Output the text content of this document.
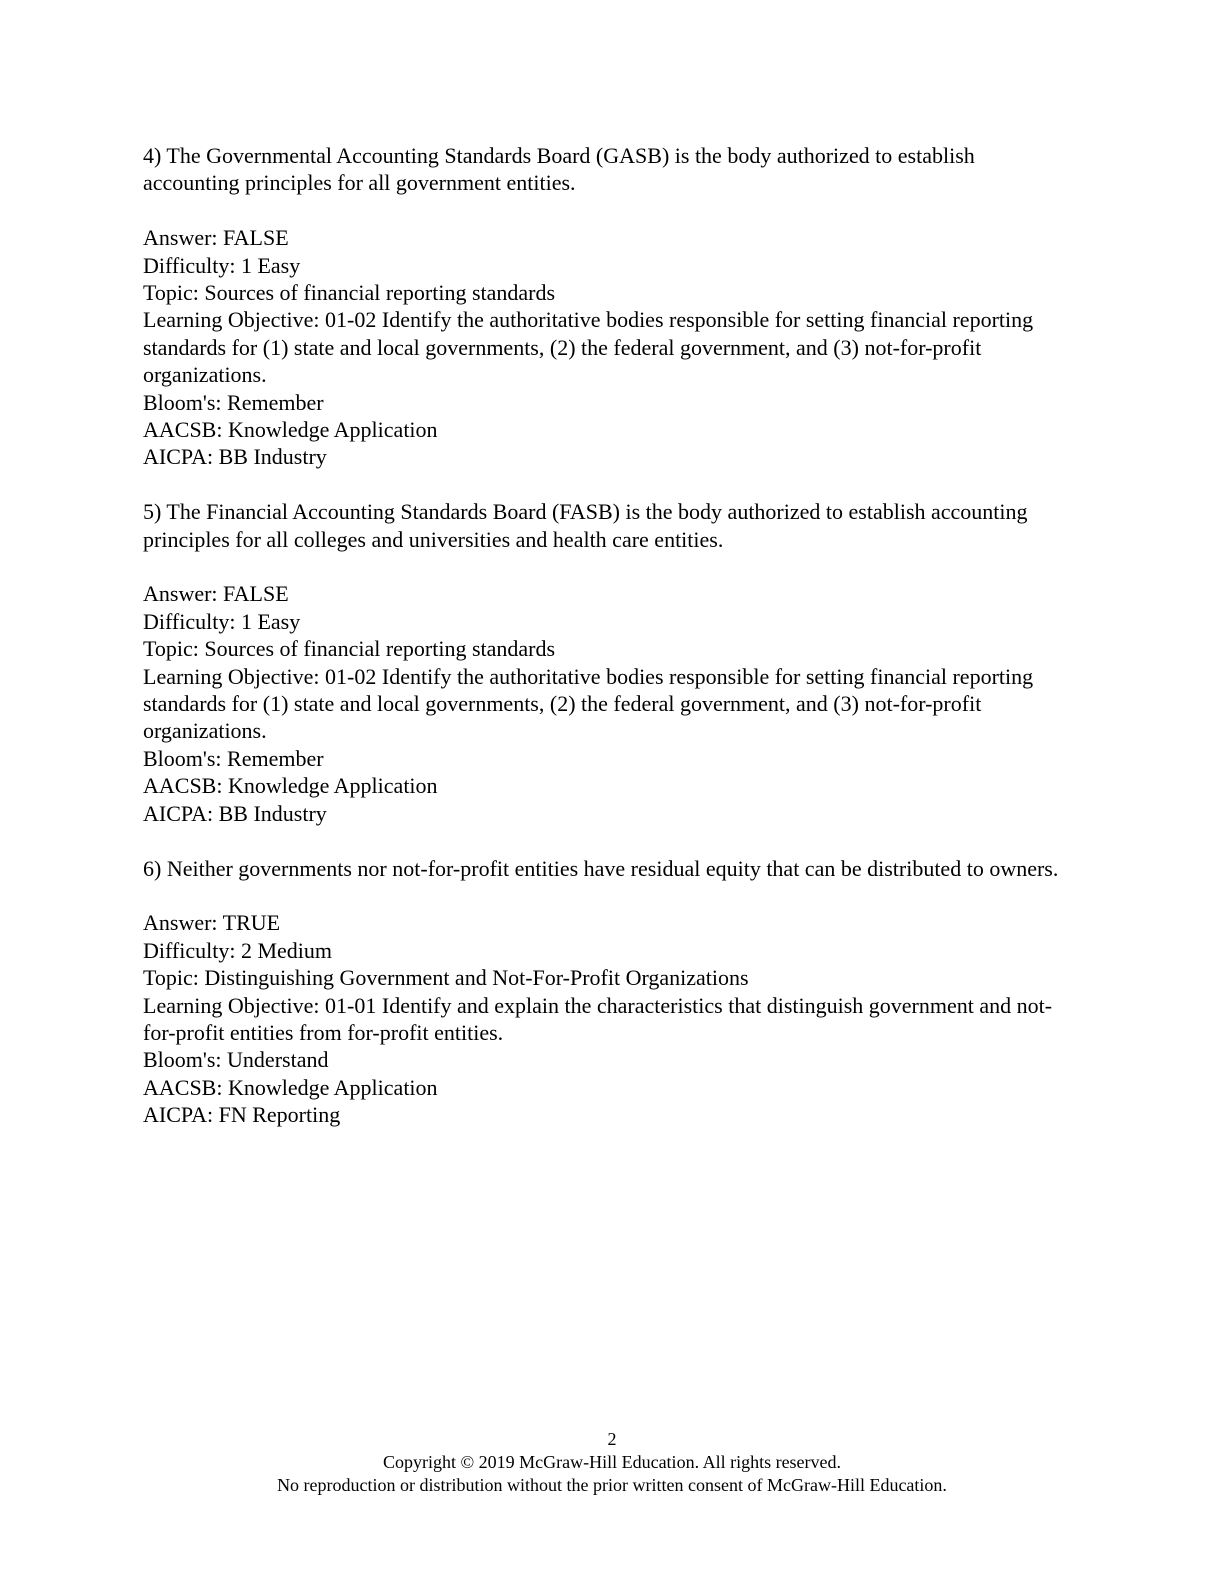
4) The Governmental Accounting Standards Board (GASB) is the body authorized to establish accounting principles for all government entities.

Answer: FALSE
Difficulty: 1 Easy
Topic: Sources of financial reporting standards
Learning Objective: 01-02 Identify the authoritative bodies responsible for setting financial reporting standards for (1) state and local governments, (2) the federal government, and (3) not-for-profit organizations.
Bloom's: Remember
AACSB: Knowledge Application
AICPA: BB Industry

5) The Financial Accounting Standards Board (FASB) is the body authorized to establish accounting principles for all colleges and universities and health care entities.

Answer: FALSE
Difficulty: 1 Easy
Topic: Sources of financial reporting standards
Learning Objective: 01-02 Identify the authoritative bodies responsible for setting financial reporting standards for (1) state and local governments, (2) the federal government, and (3) not-for-profit organizations.
Bloom's: Remember
AACSB: Knowledge Application
AICPA: BB Industry

6) Neither governments nor not-for-profit entities have residual equity that can be distributed to owners.

Answer: TRUE
Difficulty: 2 Medium
Topic: Distinguishing Government and Not-For-Profit Organizations
Learning Objective: 01-01 Identify and explain the characteristics that distinguish government and not-for-profit entities from for-profit entities.
Bloom's: Understand
AACSB: Knowledge Application
AICPA: FN Reporting
2
Copyright © 2019 McGraw-Hill Education. All rights reserved.
No reproduction or distribution without the prior written consent of McGraw-Hill Education.
